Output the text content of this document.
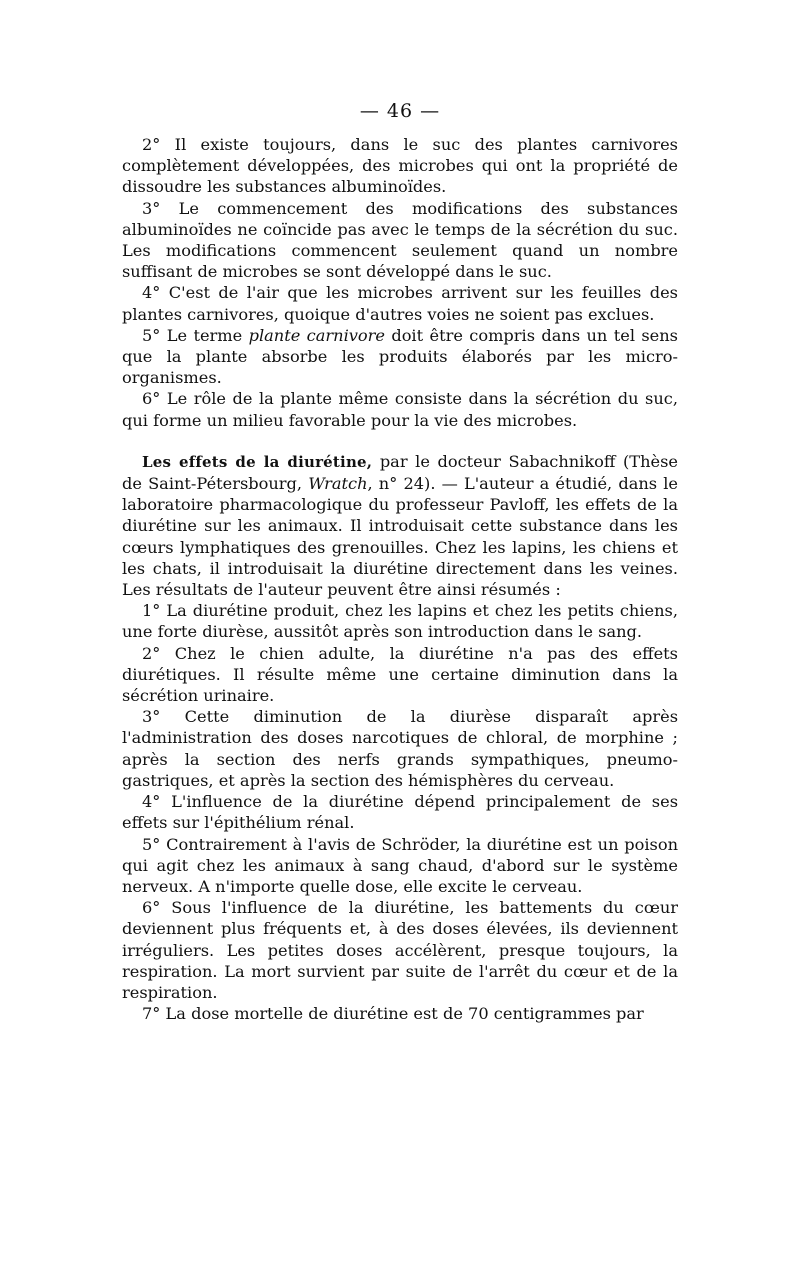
— 46 —

2° Il existe toujours, dans le suc des plantes carnivores complètement développées, des microbes qui ont la propriété de dissoudre les substances albuminoïdes.

3° Le commencement des modifications des substances albuminoïdes ne coïncide pas avec le temps de la sécrétion du suc. Les modifications commencent seulement quand un nombre suffisant de microbes se sont développé dans le suc.

4° C'est de l'air que les microbes arrivent sur les feuilles des plantes carnivores, quoique d'autres voies ne soient pas exclues.

5° Le terme plante carnivore doit être compris dans un tel sens que la plante absorbe les produits élaborés par les micro-organismes.

6° Le rôle de la plante même consiste dans la sécrétion du suc, qui forme un milieu favorable pour la vie des microbes.

Les effets de la diurétine, par le docteur Sabachnikoff (Thèse de Saint-Pétersbourg, Wratch, n° 24). — L'auteur a étudié, dans le laboratoire pharmacologique du professeur Pavloff, les effets de la diurétine sur les animaux. Il introduisait cette substance dans les cœurs lymphatiques des grenouilles. Chez les lapins, les chiens et les chats, il introduisait la diurétine directement dans les veines. Les résultats de l'auteur peuvent être ainsi résumés :

1° La diurétine produit, chez les lapins et chez les petits chiens, une forte diurèse, aussitôt après son introduction dans le sang.

2° Chez le chien adulte, la diurétine n'a pas des effets diurétiques. Il résulte même une certaine diminution dans la sécrétion urinaire.

3° Cette diminution de la diurèse disparaît après l'administration des doses narcotiques de chloral, de morphine ; après la section des nerfs grands sympathiques, pneumo-gastriques, et après la section des hémisphères du cerveau.

4° L'influence de la diurétine dépend principalement de ses effets sur l'épithélium rénal.

5° Contrairement à l'avis de Schröder, la diurétine est un poison qui agit chez les animaux à sang chaud, d'abord sur le système nerveux. A n'importe quelle dose, elle excite le cerveau.

6° Sous l'influence de la diurétine, les battements du cœur deviennent plus fréquents et, à des doses élevées, ils deviennent irréguliers. Les petites doses accélèrent, presque toujours, la respiration. La mort survient par suite de l'arrêt du cœur et de la respiration.

7° La dose mortelle de diurétine est de 70 centigrammes par
